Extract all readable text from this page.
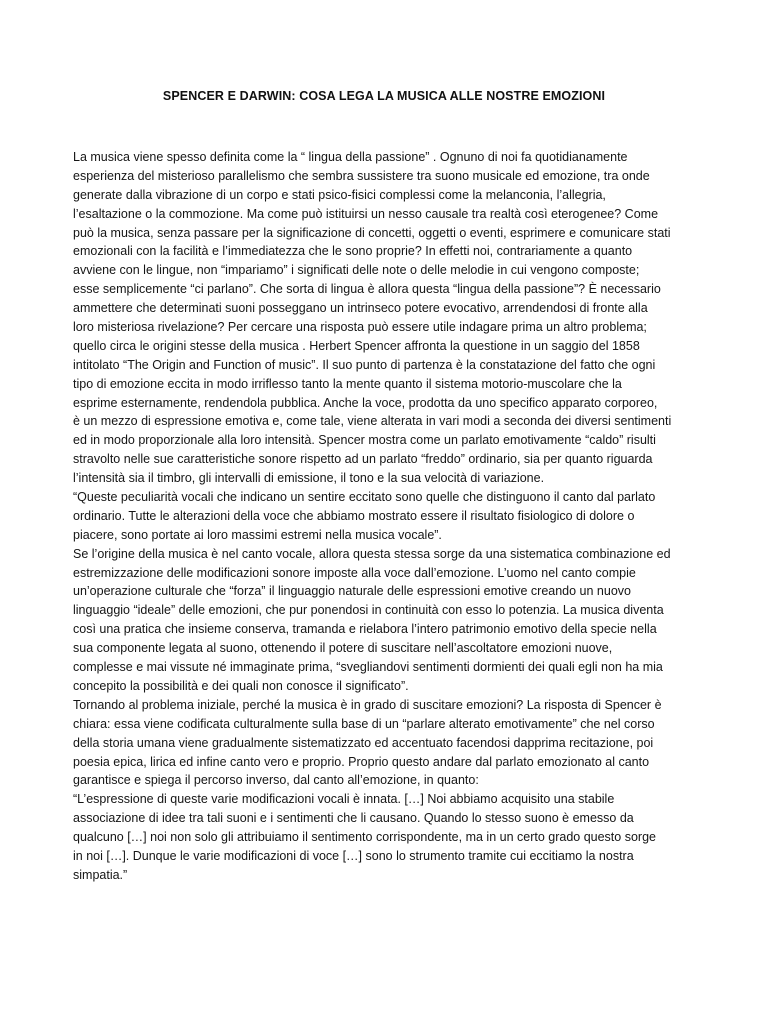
SPENCER E DARWIN: COSA LEGA LA MUSICA ALLE NOSTRE EMOZIONI
La musica viene spesso definita come la “ lingua della passione” . Ognuno di noi fa quotidianamente
esperienza del misterioso parallelismo che sembra sussistere tra suono musicale ed emozione, tra onde
generate dalla vibrazione di un corpo e stati psico-fisici complessi come la melanconia, l’allegria,
l’esaltazione o la commozione. Ma come può istituirsi un nesso causale tra realtà così eterogenee? Come
può la musica, senza passare per la significazione di concetti, oggetti o eventi, esprimere e comunicare stati
emozionali con la facilità e l’immediatezza che le sono proprie? In effetti noi, contrariamente a quanto
avviene con le lingue, non “impariamo” i significati delle note o delle melodie in cui vengono composte;
esse semplicemente “ci parlano”. Che sorta di lingua è allora questa “lingua della passione”? È necessario
ammettere che determinati suoni posseggano un intrinseco potere evocativo, arrendendosi di fronte alla
loro misteriosa rivelazione? Per cercare una risposta può essere utile indagare prima un altro problema;
quello circa le origini stesse della musica . Herbert Spencer affronta la questione in un saggio del 1858
intitolato “The Origin and Function of music”. Il suo punto di partenza è la constatazione del fatto che ogni
tipo di emozione eccita in modo irriflesso tanto la mente quanto il sistema motorio-muscolare che la
esprime esternamente, rendendola pubblica. Anche la voce, prodotta da uno specifico apparato corporeo,
è un mezzo di espressione emotiva e, come tale, viene alterata in vari modi a seconda dei diversi sentimenti
ed in modo proporzionale alla loro intensità. Spencer mostra come un parlato emotivamente “caldo” risulti
stravolto nelle sue caratteristiche sonore rispetto ad un parlato “freddo” ordinario, sia per quanto riguarda
l’intensità sia il timbro, gli intervalli di emissione, il tono e la sua velocità di variazione.
“Queste peculiarità vocali che indicano un sentire eccitato sono quelle che distinguono il canto dal parlato
ordinario. Tutte le alterazioni della voce che abbiamo mostrato essere il risultato fisiologico di dolore o
piacere, sono portate ai loro massimi estremi nella musica vocale”.
Se l’origine della musica è nel canto vocale, allora questa stessa sorge da una sistematica combinazione ed
estremizzazione delle modificazioni sonore imposte alla voce dall’emozione. L’uomo nel canto compie
un’operazione culturale che “forza” il linguaggio naturale delle espressioni emotive creando un nuovo
linguaggio “ideale” delle emozioni, che pur ponendosi in continuità con esso lo potenzia. La musica diventa
così una pratica che insieme conserva, tramanda e rielabora l’intero patrimonio emotivo della specie nella
sua componente legata al suono, ottenendo il potere di suscitare nell’ascoltatore emozioni nuove,
complesse e mai vissute né immaginate prima, “svegliandovi sentimenti dormienti dei quali egli non ha mia
concepito la possibilità e dei quali non conosce il significato”.
Tornando al problema iniziale, perché la musica è in grado di suscitare emozioni? La risposta di Spencer è
chiara: essa viene codificata culturalmente sulla base di un “parlare alterato emotivamente” che nel corso
della storia umana viene gradualmente sistematizzato ed accentuato facendosi dapprima recitazione, poi
poesia epica, lirica ed infine canto vero e proprio. Proprio questo andare dal parlato emozionato al canto
garantisce e spiega il percorso inverso, dal canto all’emozione, in quanto:
“L’espressione di queste varie modificazioni vocali è innata. […] Noi abbiamo acquisito una stabile
associazione di idee tra tali suoni e i sentimenti che li causano. Quando lo stesso suono è emesso da
qualcuno […] noi non solo gli attribuiamo il sentimento corrispondente, ma in un certo grado questo sorge
in noi […]. Dunque le varie modificazioni di voce […] sono lo strumento tramite cui eccitiamo la nostra
simpatia.”
